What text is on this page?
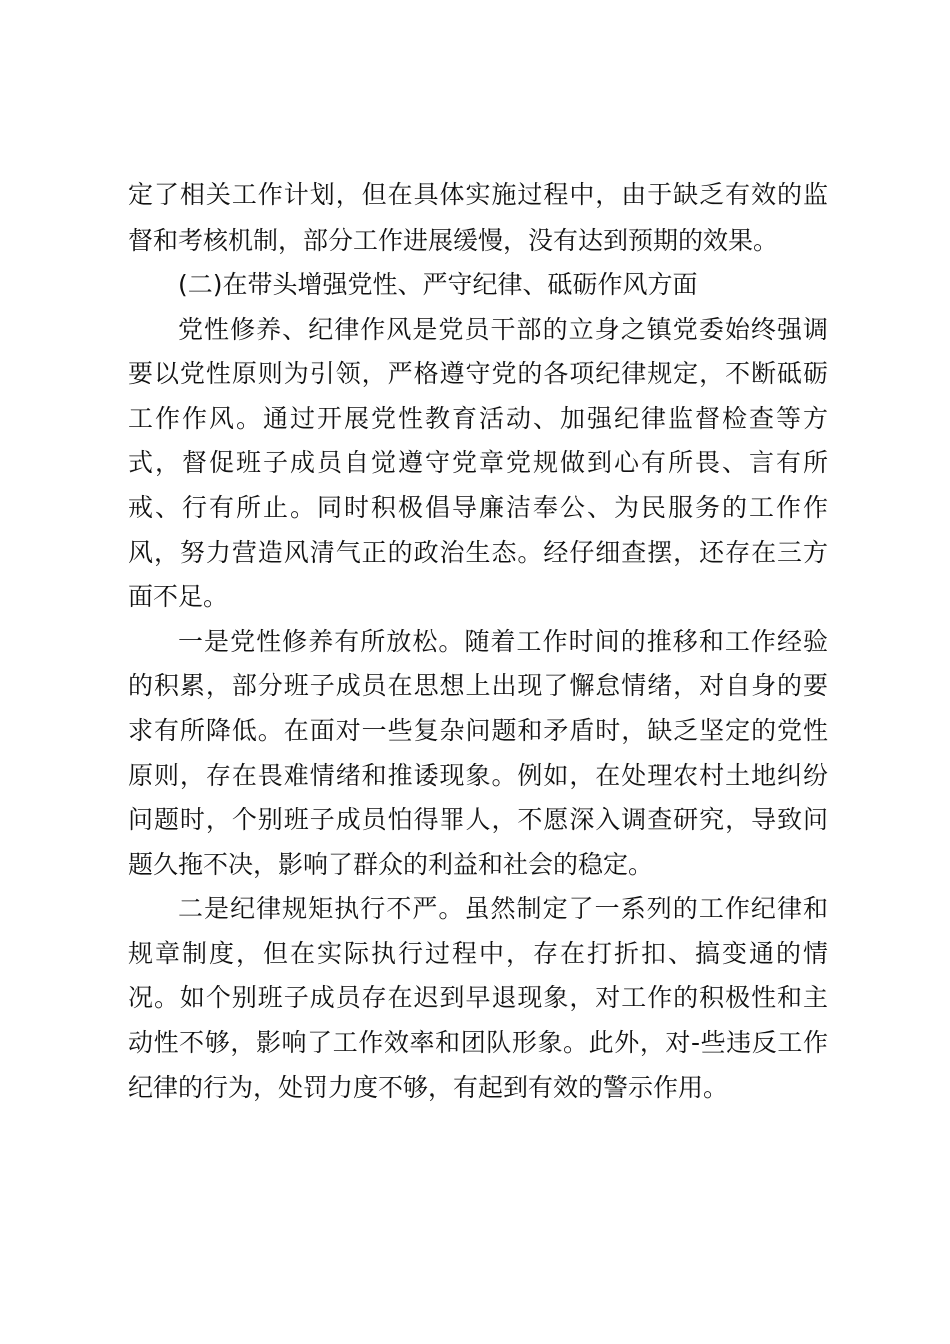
定了相关工作计划，但在具体实施过程中，由于缺乏有效的监
督和考核机制，部分工作进展缓慢，没有达到预期的效果。
(二)在带头增强党性、严守纪律、砥砺作风方面
党性修养、纪律作风是党员干部的立身之镇党委始终强调
要以党性原则为引领，严格遵守党的各项纪律规定，不断砥砺
工作作风。通过开展党性教育活动、加强纪律监督检查等方
式，督促班子成员自觉遵守党章党规做到心有所畏、言有所
戒、行有所止。同时积极倡导廉洁奉公、为民服务的工作作
风，努力营造风清气正的政治生态。经仔细查摆，还存在三方
面不足。
一是党性修养有所放松。随着工作时间的推移和工作经验
的积累，部分班子成员在思想上出现了懈怠情绪，对自身的要
求有所降低。在面对一些复杂问题和矛盾时，缺乏坚定的党性
原则，存在畏难情绪和推诿现象。例如，在处理农村土地纠纷
问题时，个别班子成员怕得罪人，不愿深入调查研究，导致问
题久拖不决，影响了群众的利益和社会的稳定。
二是纪律规矩执行不严。虽然制定了一系列的工作纪律和
规章制度，但在实际执行过程中，存在打折扣、搞变通的情
况。如个别班子成员存在迟到早退现象，对工作的积极性和主
动性不够，影响了工作效率和团队形象。此外，对-些违反工作
纪律的行为，处罚力度不够，有起到有效的警示作用。
